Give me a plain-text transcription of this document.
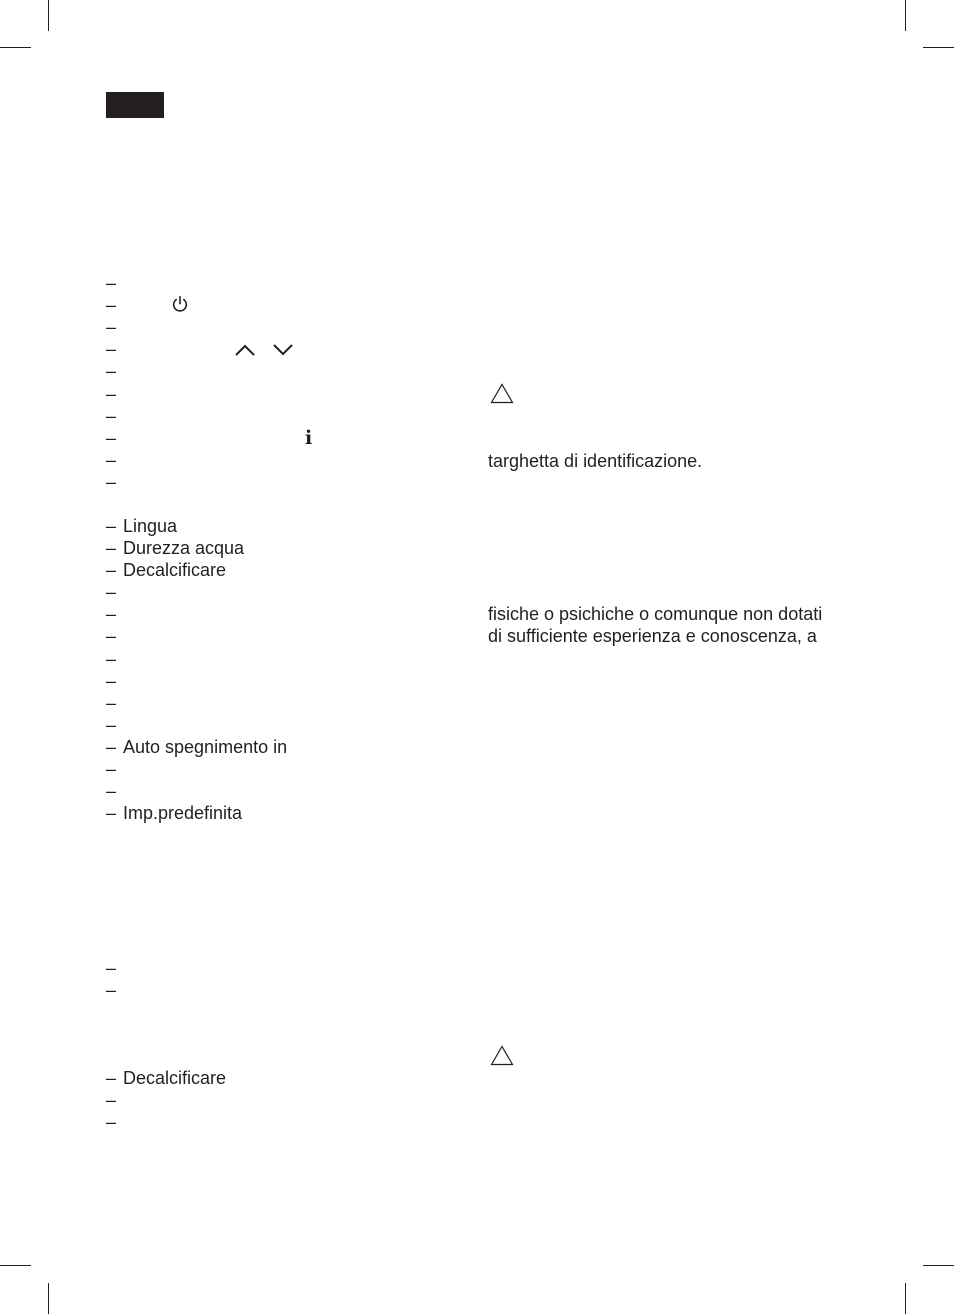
–
–
–
–
–
–
–
–
–
–
i
– Lingua
– Durezza acqua
– Decalcificare
–
–
–
–
–
–
–
– Auto spegnimento in
–
–
– Imp.predefinita
–
–
– Decalcificare
–
–
targhetta di identificazione.
fisiche o psichiche o comunque non dotati
di sufficiente esperienza e conoscenza, a
